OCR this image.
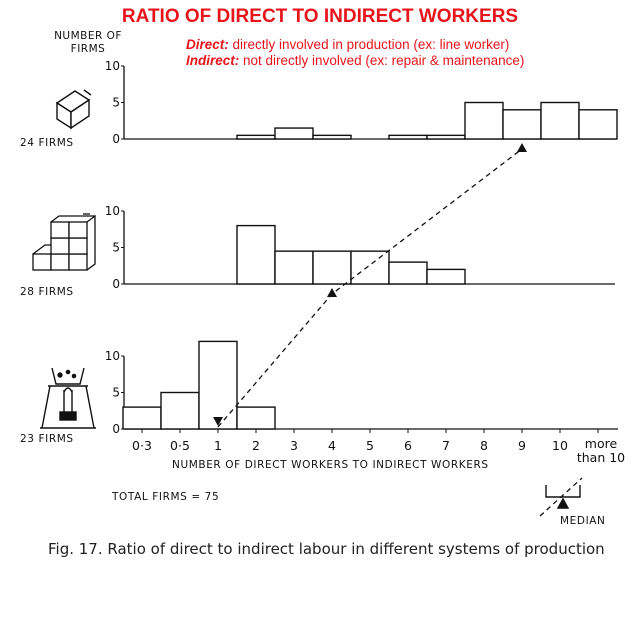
RATIO OF DIRECT TO INDIRECT WORKERS
Direct: directly involved in production (ex: line worker)
Indirect: not directly involved (ex: repair & maintenance)
NUMBER OF FIRMS
10
5
0
24 FIRMS
10
5
0
28 FIRMS
10
5
0
23 FIRMS	0·3 0·5 1 2 3 4 5 6 7 8 9 10	more than 10
NUMBER OF DIRECT WORKERS TO INDIRECT WORKERS
TOTAL FIRMS = 75
MEDIAN
Fig. 17. Ratio of direct to indirect labour in different systems of production
